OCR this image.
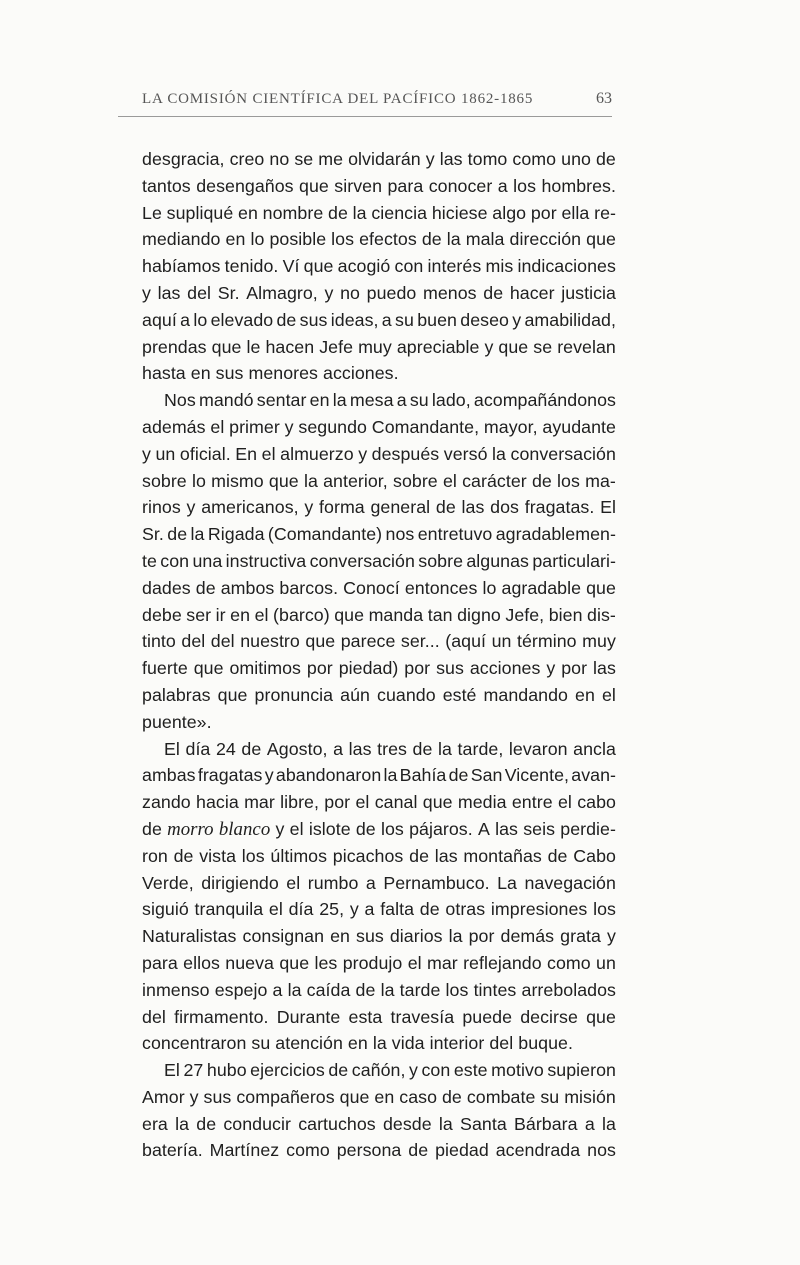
LA COMISIÓN CIENTÍFICA DEL PACÍFICO 1862-1865	63
desgracia, creo no se me olvidarán y las tomo como uno de
tantos desengaños que sirven para conocer a los hombres.
Le supliqué en nombre de la ciencia hiciese algo por ella re-
mediando en lo posible los efectos de la mala dirección que
habíamos tenido. Ví que acogió con interés mis indicaciones
y las del Sr. Almagro, y no puedo menos de hacer justicia
aquí a lo elevado de sus ideas, a su buen deseo y amabilidad,
prendas que le hacen Jefe muy apreciable y que se revelan
hasta
en
sus
menores
acciones.
Nos mandó sentar en la mesa a su lado, acompañándonos
además el primer y segundo Comandante, mayor, ayudante
y un oficial. En el almuerzo y después versó la conversación
sobre lo mismo que la anterior, sobre el carácter de los ma-
rinos y americanos, y forma general de las dos fragatas. El
Sr. de la Rigada (Comandante) nos entretuvo agradablemen-
te con una instructiva conversación sobre algunas particulari-
dades de ambos barcos. Conocí entonces lo agradable que
debe ser ir en el (barco) que manda tan digno Jefe, bien dis-
tinto del del nuestro que parece ser... (aquí un término muy
fuerte que omitimos por piedad) por sus acciones y por las
palabras que pronuncia aún cuando esté mandando en el
puente».
El día 24 de Agosto, a las tres de la tarde, levaron ancla
ambas fragatas y abandonaron la Bahía de San Vicente, avan-
zando hacia mar libre, por el canal que media entre el cabo
de morro blanco y el islote de los pájaros. A las seis perdie-
ron de vista los últimos picachos de las montañas de Cabo
Verde, dirigiendo el rumbo a Pernambuco. La navegación
siguió tranquila el día 25, y a falta de otras impresiones los
Naturalistas consignan en sus diarios la por demás grata y
para ellos nueva que les produjo el mar reflejando como un
inmenso espejo a la caída de la tarde los tintes arrebolados
del firmamento. Durante esta travesía puede decirse que
concentraron
su
atención
en
la
vida
interior
del
buque.
El 27 hubo ejercicios de cañón, y con este motivo supieron
Amor y sus compañeros que en caso de combate su misión
era la de conducir cartuchos desde la Santa Bárbara a la
batería. Martínez como persona de piedad acendrada nos
